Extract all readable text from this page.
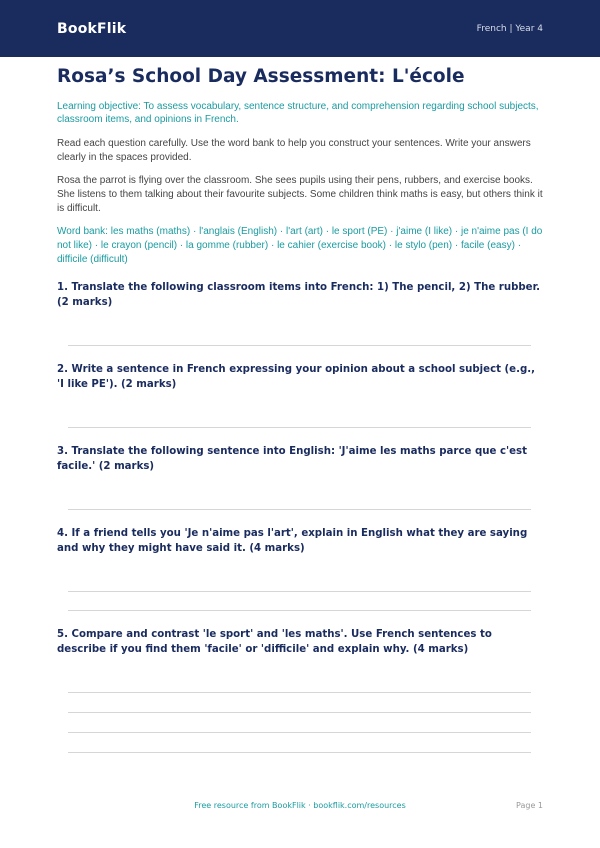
BookFlik	French | Year 4
Rosa’s School Day Assessment: L'école

Learning objective: To assess vocabulary, sentence structure, and comprehension regarding school subjects, classroom items, and opinions in French.

Read each question carefully. Use the word bank to help you construct your sentences. Write your answers clearly in the spaces provided.

Rosa the parrot is flying over the classroom. She sees pupils using their pens, rubbers, and exercise books. She listens to them talking about their favourite subjects. Some children think maths is easy, but others think it is difficult.

Word bank: les maths (maths) · l'anglais (English) · l'art (art) · le sport (PE) · j'aime (I like) · je n'aime pas (I do not like) · le crayon (pencil) · la gomme (rubber) · le cahier (exercise book) · le stylo (pen) · facile (easy) · difficile (difficult)

1. Translate the following classroom items into French: 1) The pencil, 2) The rubber. (2 marks)
2. Write a sentence in French expressing your opinion about a school subject (e.g., 'I like PE'). (2 marks)
3. Translate the following sentence into English: 'J'aime les maths parce que c'est facile.' (2 marks)
4. If a friend tells you 'Je n'aime pas l'art', explain in English what they are saying and why they might have said it. (4 marks)
5. Compare and contrast 'le sport' and 'les maths'. Use French sentences to describe if you find them 'facile' or 'difficile' and explain why. (4 marks)
Free resource from BookFlik · bookflik.com/resources	Page 1
